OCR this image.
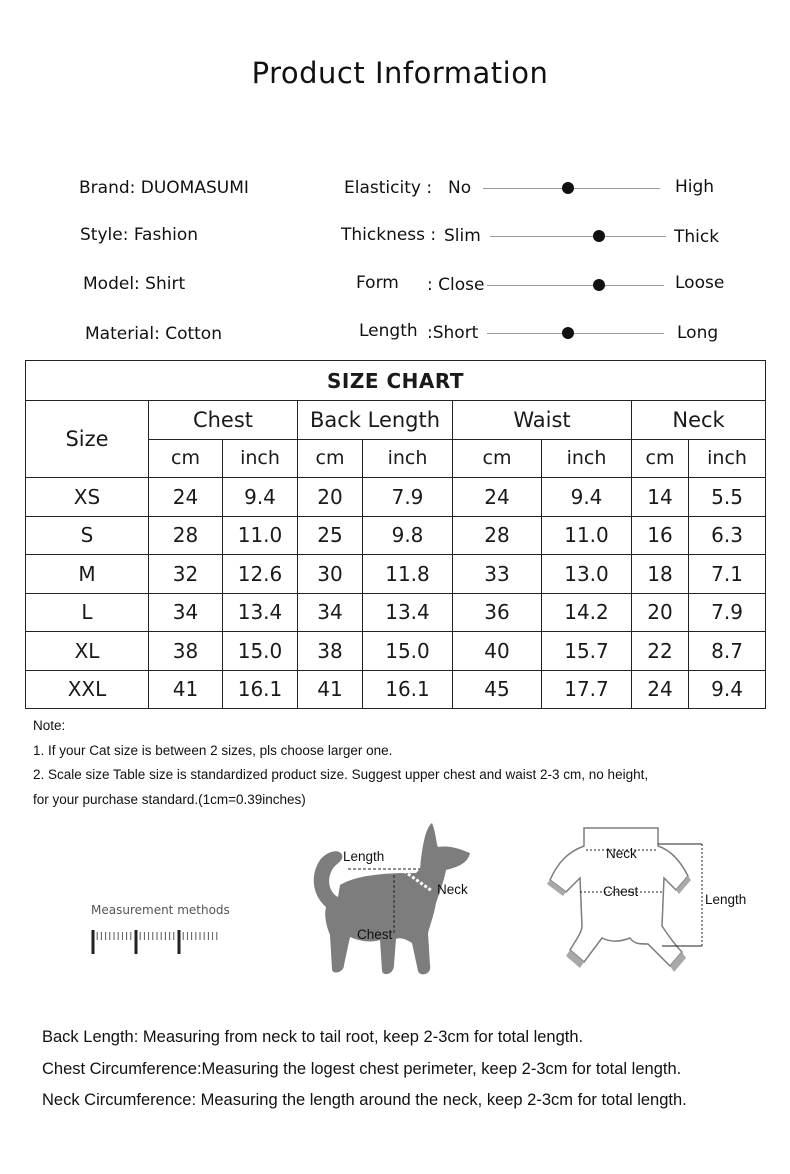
Product Information
Brand: DUOMASUMI
Style: Fashion
Model: Shirt
Material: Cotton
Elasticity : No	High
Thickness : Slim	Thick
Form : Close	Loose
Length :Short	Long
SIZE CHART								
Size	Chest		Back Length		Waist		Neck	
	cm	inch	cm	inch	cm	inch	cm	inch
XS	24	9.4	20	7.9	24	9.4	14	5.5
S	28	11.0	25	9.8	28	11.0	16	6.3
M	32	12.6	30	11.8	33	13.0	18	7.1
L	34	13.4	34	13.4	36	14.2	20	7.9
XL	38	15.0	38	15.0	40	15.7	22	8.7
XXL	41	16.1	41	16.1	45	17.7	24	9.4
Note:
1. If your Cat size is between 2 sizes, pls choose larger one.
2. Scale size Table size is standardized product size. Suggest upper chest and waist 2-3 cm, no height,
for your purchase standard.(1cm=0.39inches)
Measurement methods
Length
Neck
Chest
Neck
Chest
Length
Back Length: Measuring from neck to tail root, keep 2-3cm for total length.
Chest Circumference:Measuring the logest chest perimeter, keep 2-3cm for total length.
Neck Circumference: Measuring the length around the neck, keep 2-3cm for total length.
